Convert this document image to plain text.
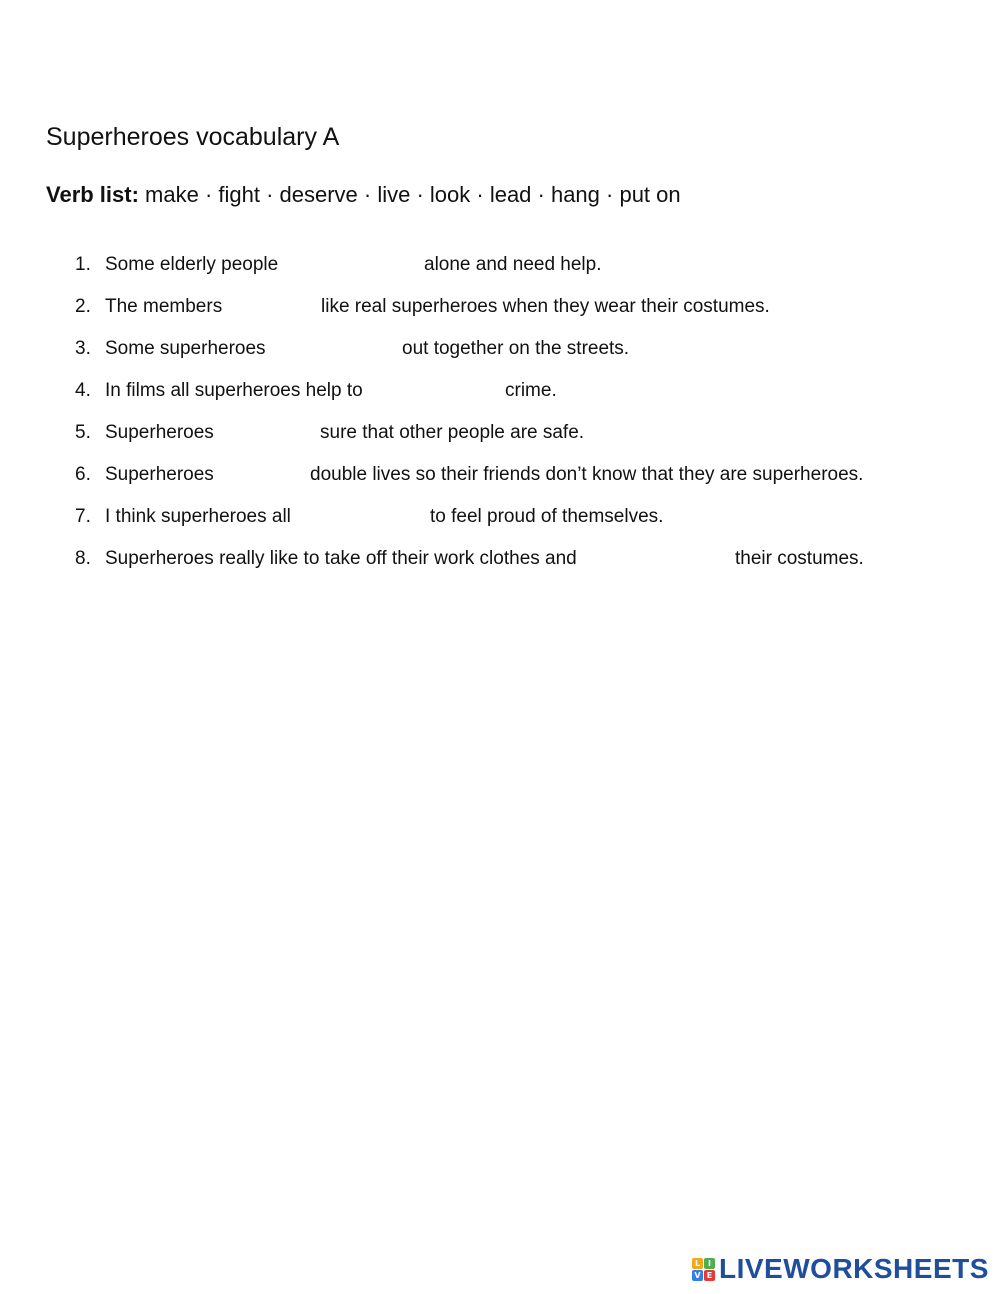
Superheroes vocabulary A
Verb list: make · fight · deserve · live · look · lead · hang · put on
1. Some elderly people	alone and need help.
2. The members	like real superheroes when they wear their costumes.
3. Some superheroes	out together on the streets.
4. In films all superheroes help to	crime.
5. Superheroes	sure that other people are safe.
6. Superheroes	double lives so their friends don’t know that they are superheroes.
7. I think superheroes all	to feel proud of themselves.
8. Superheroes really like to take off their work clothes and	their costumes.
L I
V E LIVEWORKSHEETS
